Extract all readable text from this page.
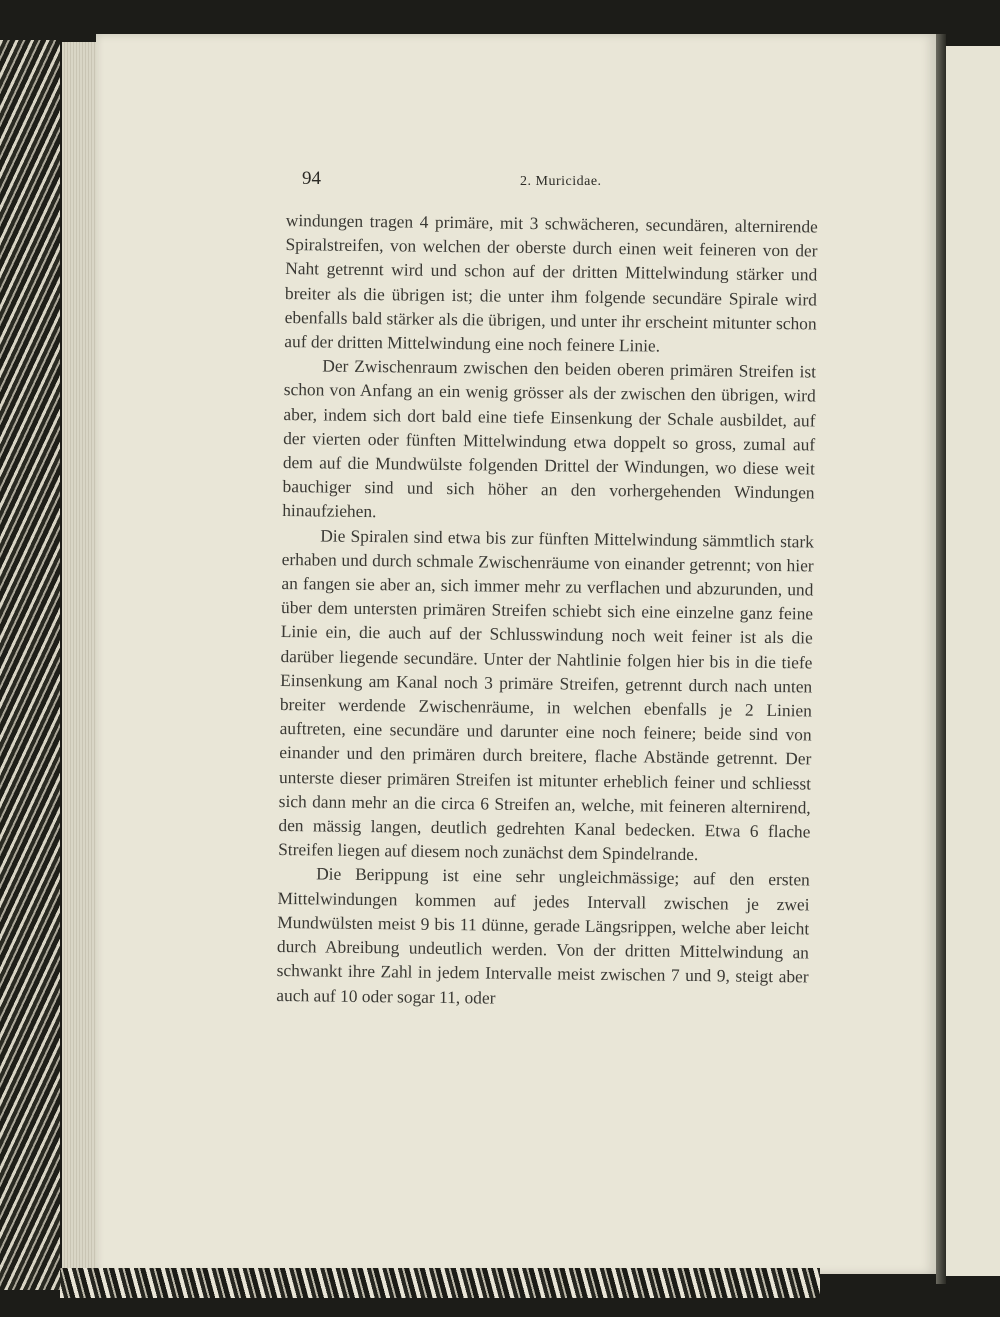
94	2. Muricidae.

windungen tragen 4 primäre, mit 3 schwächeren, secundären, alternirende Spiralstreifen, von welchen der oberste durch einen weit feineren von der Naht getrennt wird und schon auf der dritten Mittelwindung stärker und breiter als die übrigen ist; die unter ihm folgende secundäre Spirale wird ebenfalls bald stärker als die übrigen, und unter ihr erscheint mitunter schon auf der dritten Mittelwindung eine noch feinere Linie.

Der Zwischenraum zwischen den beiden oberen primären Streifen ist schon von Anfang an ein wenig grösser als der zwischen den übrigen, wird aber, indem sich dort bald eine tiefe Einsenkung der Schale ausbildet, auf der vierten oder fünften Mittelwindung etwa doppelt so gross, zumal auf dem auf die Mundwülste folgenden Drittel der Windungen, wo diese weit bauchiger sind und sich höher an den vorhergehenden Windungen hinaufziehen.

Die Spiralen sind etwa bis zur fünften Mittelwindung sämmtlich stark erhaben und durch schmale Zwischenräume von einander getrennt; von hier an fangen sie aber an, sich immer mehr zu verflachen und abzurunden, und über dem untersten primären Streifen schiebt sich eine einzelne ganz feine Linie ein, die auch auf der Schlusswindung noch weit feiner ist als die darüber liegende secundäre. Unter der Nahtlinie folgen hier bis in die tiefe Einsenkung am Kanal noch 3 primäre Streifen, getrennt durch nach unten breiter werdende Zwischenräume, in welchen ebenfalls je 2 Linien auftreten, eine secundäre und darunter eine noch feinere; beide sind von einander und den primären durch breitere, flache Abstände getrennt. Der unterste dieser primären Streifen ist mitunter erheblich feiner und schliesst sich dann mehr an die circa 6 Streifen an, welche, mit feineren alternirend, den mässig langen, deutlich gedrehten Kanal bedecken. Etwa 6 flache Streifen liegen auf diesem noch zunächst dem Spindelrande.

Die Berippung ist eine sehr ungleichmässige; auf den ersten Mittelwindungen kommen auf jedes Intervall zwischen je zwei Mundwülsten meist 9 bis 11 dünne, gerade Längsrippen, welche aber leicht durch Abreibung undeutlich werden. Von der dritten Mittelwindung an schwankt ihre Zahl in jedem Intervalle meist zwischen 7 und 9, steigt aber auch auf 10 oder sogar 11, oder
